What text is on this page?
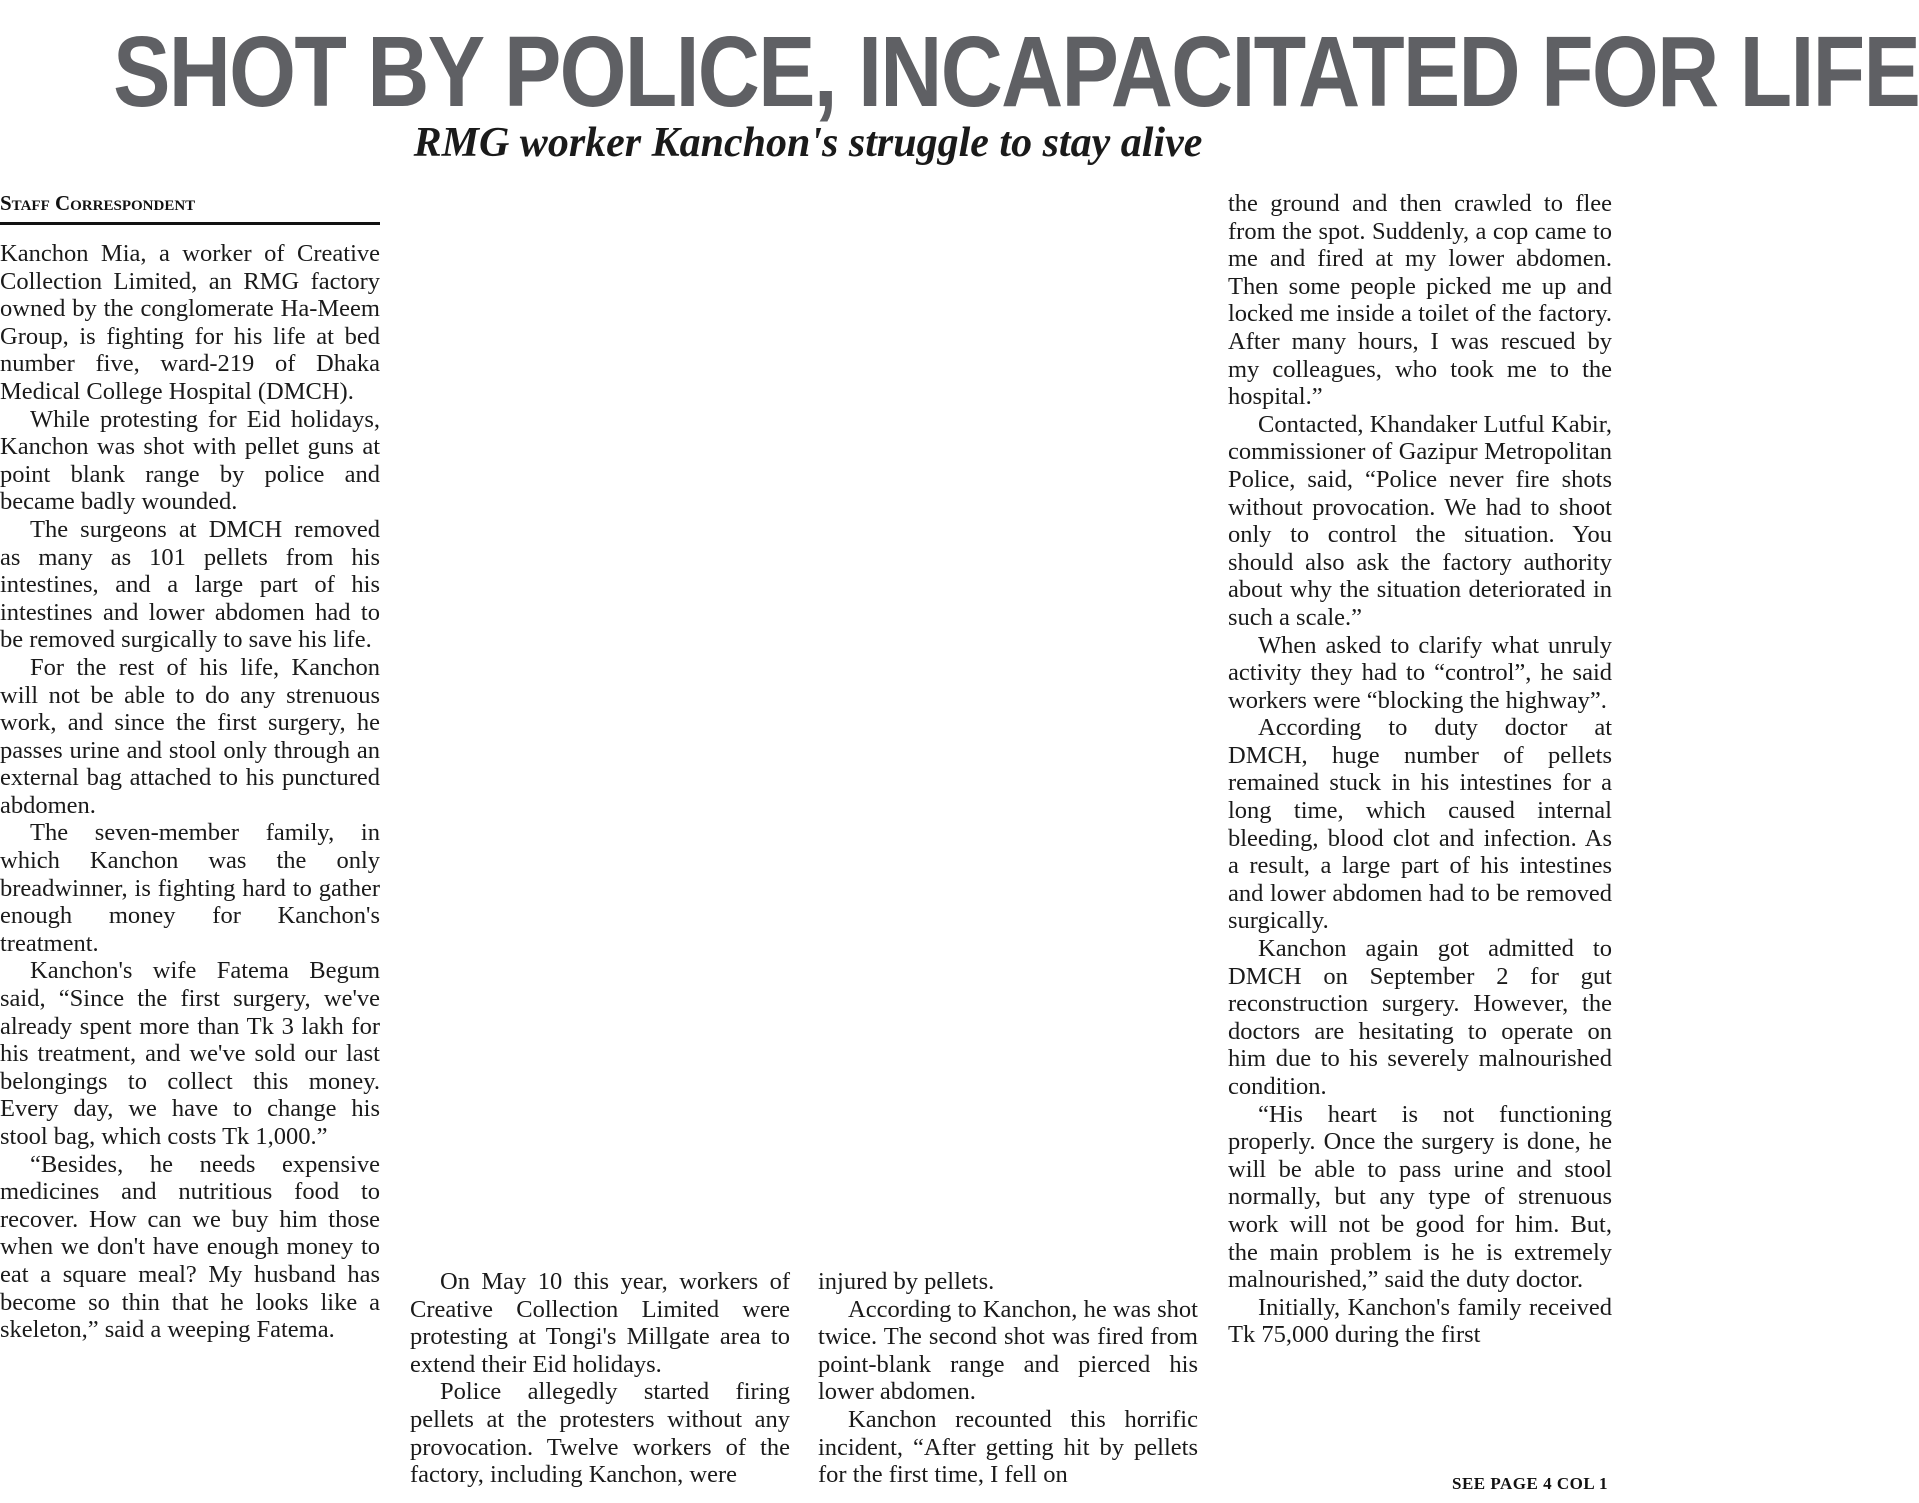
SHOT BY POLICE, INCAPACITATED FOR LIFE
RMG worker Kanchon's struggle to stay alive
Staff Correspondent

Kanchon Mia, a worker of Creative Collection Limited, an RMG factory owned by the conglomerate Ha-Meem Group, is fighting for his life at bed number five, ward-219 of Dhaka Medical College Hospital (DMCH).

While protesting for Eid holidays, Kanchon was shot with pellet guns at point blank range by police and became badly wounded.

The surgeons at DMCH removed as many as 101 pellets from his intestines, and a large part of his intestines and lower abdomen had to be removed surgically to save his life.

For the rest of his life, Kanchon will not be able to do any strenuous work, and since the first surgery, he passes urine and stool only through an external bag attached to his punctured abdomen.

The seven-member family, in which Kanchon was the only breadwinner, is fighting hard to gather enough money for Kanchon's treatment.

Kanchon's wife Fatema Begum said, “Since the first surgery, we've already spent more than Tk 3 lakh for his treatment, and we've sold our last belongings to collect this money. Every day, we have to change his stool bag, which costs Tk 1,000.”

“Besides, he needs expensive medicines and nutritious food to recover. How can we buy him those when we don't have enough money to eat a square meal? My husband has become so thin that he looks like a skeleton,” said a weeping Fatema.

On May 10 this year, workers of Creative Collection Limited were protesting at Tongi's Millgate area to extend their Eid holidays.

Police allegedly started firing pellets at the protesters without any provocation. Twelve workers of the factory, including Kanchon, were

injured by pellets.

According to Kanchon, he was shot twice. The second shot was fired from point-blank range and pierced his lower abdomen.

Kanchon recounted this horrific incident, “After getting hit by pellets for the first time, I fell on

the ground and then crawled to flee from the spot. Suddenly, a cop came to me and fired at my lower abdomen. Then some people picked me up and locked me inside a toilet of the factory. After many hours, I was rescued by my colleagues, who took me to the hospital.”

Contacted, Khandaker Lutful Kabir, commissioner of Gazipur Metropolitan Police, said, “Police never fire shots without provocation. We had to shoot only to control the situation. You should also ask the factory authority about why the situation deteriorated in such a scale.”

When asked to clarify what unruly activity they had to “control”, he said workers were “blocking the highway”.

According to duty doctor at DMCH, huge number of pellets remained stuck in his intestines for a long time, which caused internal bleeding, blood clot and infection. As a result, a large part of his intestines and lower abdomen had to be removed surgically.

Kanchon again got admitted to DMCH on September 2 for gut reconstruction surgery. However, the doctors are hesitating to operate on him due to his severely malnourished condition.

“His heart is not functioning properly. Once the surgery is done, he will be able to pass urine and stool normally, but any type of strenuous work will not be good for him. But, the main problem is he is extremely malnourished,” said the duty doctor.

Initially, Kanchon's family received Tk 75,000 during the first

SEE PAGE 4 COL 1
